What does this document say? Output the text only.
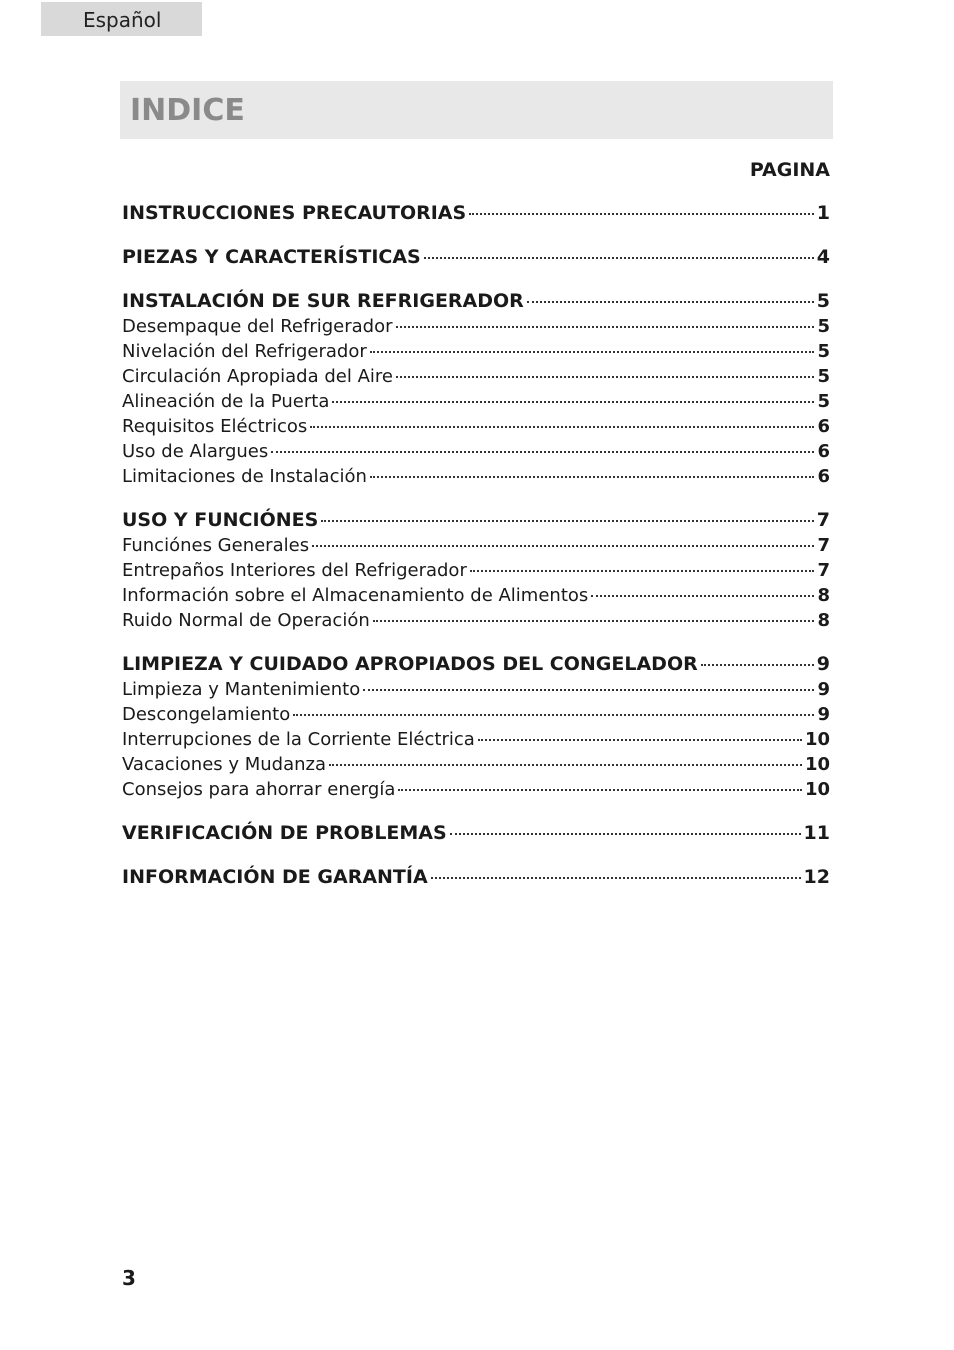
Español
INDICE
PAGINA
INSTRUCCIONES PRECAUTORIAS	1
PIEZAS Y CARACTERÍSTICAS	4
INSTALACIÓN DE SUR REFRIGERADOR	5
Desempaque del Refrigerador	5
Nivelación del Refrigerador	5
Circulación Apropiada del Aire	5
Alineación de la Puerta	5
Requisitos Eléctricos	6
Uso de Alargues	6
Limitaciones de Instalación	6
USO Y FUNCIÓNES	7
Funciónes Generales	7
Entrepaños Interiores del Refrigerador	7
Información sobre el Almacenamiento de Alimentos	8
Ruido Normal de Operación	8
LIMPIEZA Y CUIDADO APROPIADOS DEL CONGELADOR	9
Limpieza y Mantenimiento	9
Descongelamiento	9
Interrupciones de la Corriente Eléctrica	10
Vacaciones y Mudanza	10
Consejos para ahorrar energía	10
VERIFICACIÓN DE PROBLEMAS	11
INFORMACIÓN DE GARANTÍA	12
3
